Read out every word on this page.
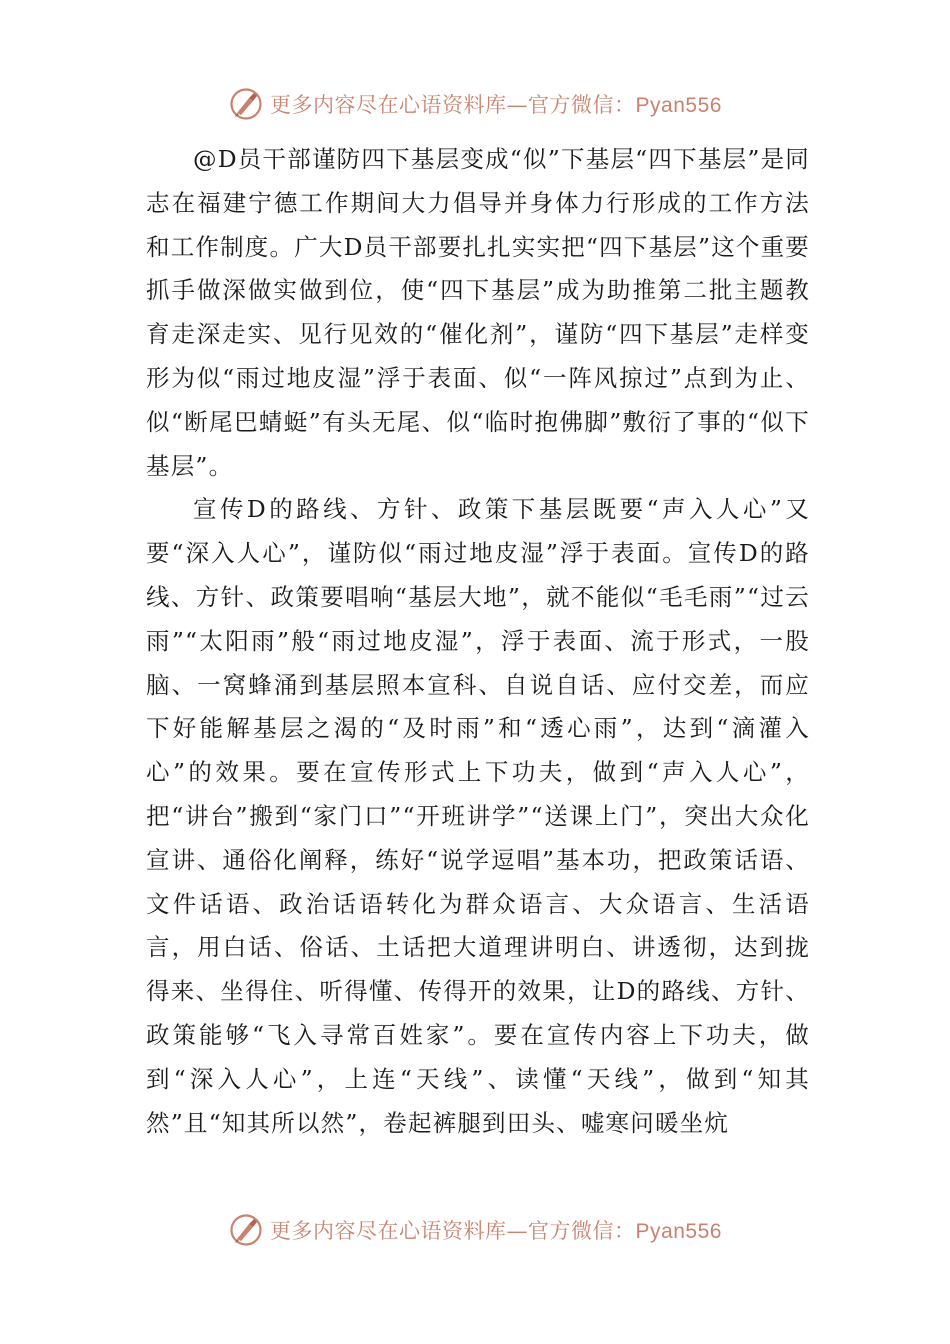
更多内容尽在心语资料库—官方微信：Pyan556

@D员干部谨防四下基层变成“似”下基层“四下基层”是同志在福建宁德工作期间大力倡导并身体力行形成的工作方法和工作制度。广大D员干部要扎扎实实把“四下基层”这个重要抓手做深做实做到位，使“四下基层”成为助推第二批主题教育走深走实、见行见效的“催化剂”，谨防“四下基层”走样变形为似“雨过地皮湿”浮于表面、似“一阵风掠过”点到为止、似“断尾巴蜻蜓”有头无尾、似“临时抱佛脚”敷衍了事的“似下基层”。

宣传D的路线、方针、政策下基层既要“声入人心”又要“深入人心”，谨防似“雨过地皮湿”浮于表面。宣传D的路线、方针、政策要唱响“基层大地”，就不能似“毛毛雨”“过云雨”“太阳雨”般“雨过地皮湿”，浮于表面、流于形式，一股脑、一窝蜂涌到基层照本宣科、自说自话、应付交差，而应下好能解基层之渴的“及时雨”和“透心雨”，达到“滴灌入心”的效果。要在宣传形式上下功夫，做到“声入人心”，把“讲台”搬到“家门口”“开班讲学”“送课上门”，突出大众化宣讲、通俗化阐释，练好“说学逗唱”基本功，把政策话语、文件话语、政治话语转化为群众语言、大众语言、生活语言，用白话、俗话、土话把大道理讲明白、讲透彻，达到拢得来、坐得住、听得懂、传得开的效果，让D的路线、方针、政策能够“飞入寻常百姓家”。要在宣传内容上下功夫，做到“深入人心”，上连“天线”、读懂“天线”，做到“知其然”且“知其所以然”，卷起裤腿到田头、嘘寒问暖坐炕

更多内容尽在心语资料库—官方微信：Pyan556
